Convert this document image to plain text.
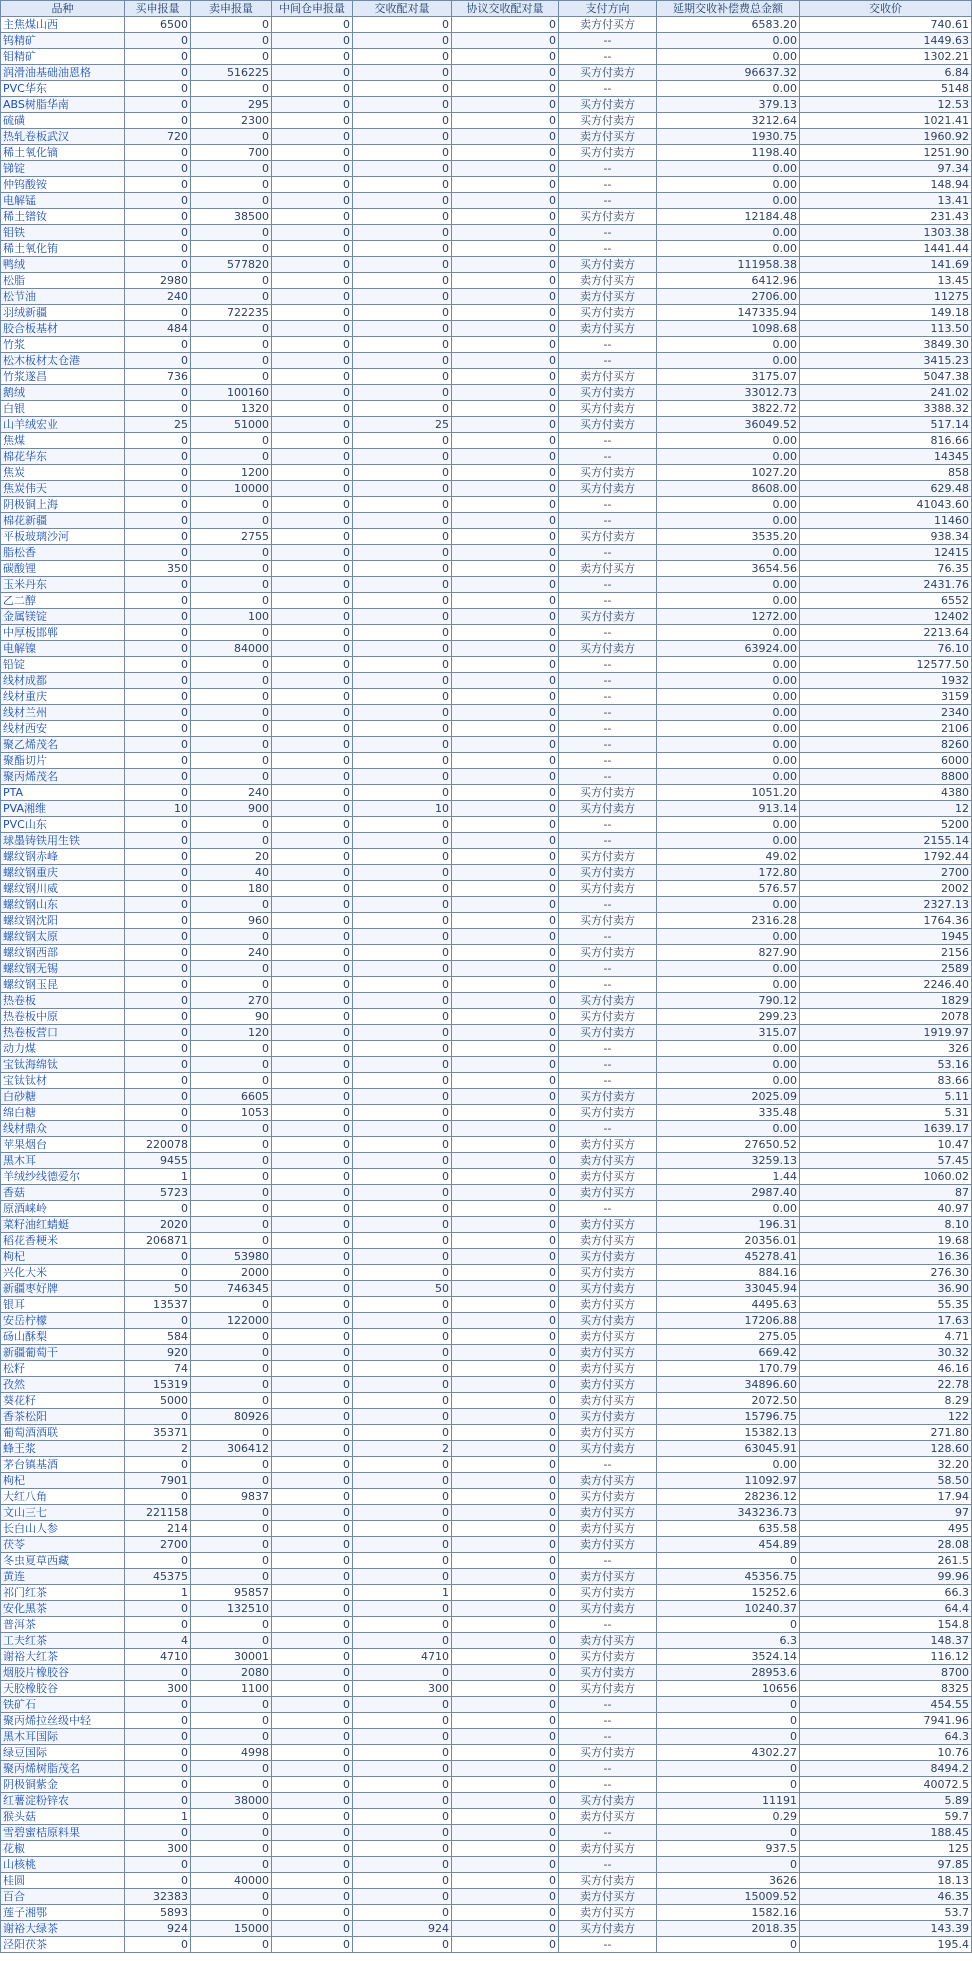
品种	买申报量	卖申报量	中间仓申报量	交收配对量	协议交收配对量	支付方向	延期交收补偿费总金额	交收价
主焦煤山西	6500	0	0	0	0	卖方付买方	6583.20	740.61
钨精矿	0	0	0	0	0	--	0.00	1449.63
钼精矿	0	0	0	0	0	--	0.00	1302.21
润滑油基础油恩格	0	516225	0	0	0	买方付卖方	96637.32	6.84
PVC华东	0	0	0	0	0	--	0.00	5148
ABS树脂华南	0	295	0	0	0	买方付卖方	379.13	12.53
硫磺	0	2300	0	0	0	买方付卖方	3212.64	1021.41
热轧卷板武汉	720	0	0	0	0	卖方付买方	1930.75	1960.92
稀土氧化镝	0	700	0	0	0	买方付卖方	1198.40	1251.90
锑锭	0	0	0	0	0	--	0.00	97.34
仲钨酸铵	0	0	0	0	0	--	0.00	148.94
电解锰	0	0	0	0	0	--	0.00	13.41
稀土镨钕	0	38500	0	0	0	买方付卖方	12184.48	231.43
钼铁	0	0	0	0	0	--	0.00	1303.38
稀土氧化铕	0	0	0	0	0	--	0.00	1441.44
鸭绒	0	577820	0	0	0	买方付卖方	111958.38	141.69
松脂	2980	0	0	0	0	卖方付买方	6412.96	13.45
松节油	240	0	0	0	0	卖方付买方	2706.00	11275
羽绒新疆	0	722235	0	0	0	买方付卖方	147335.94	149.18
胶合板基材	484	0	0	0	0	卖方付买方	1098.68	113.50
竹浆	0	0	0	0	0	--	0.00	3849.30
松木板材太仓港	0	0	0	0	0	--	0.00	3415.23
竹浆遂昌	736	0	0	0	0	卖方付买方	3175.07	5047.38
鹅绒	0	100160	0	0	0	买方付卖方	33012.73	241.02
白银	0	1320	0	0	0	买方付卖方	3822.72	3388.32
山羊绒宏业	25	51000	0	25	0	买方付卖方	36049.52	517.14
焦煤	0	0	0	0	0	--	0.00	816.66
棉花华东	0	0	0	0	0	--	0.00	14345
焦炭	0	1200	0	0	0	买方付卖方	1027.20	858
焦炭伟天	0	10000	0	0	0	买方付卖方	8608.00	629.48
阴极铜上海	0	0	0	0	0	--	0.00	41043.60
棉花新疆	0	0	0	0	0	--	0.00	11460
平板玻璃沙河	0	2755	0	0	0	买方付卖方	3535.20	938.34
脂松香	0	0	0	0	0	--	0.00	12415
碳酸锂	350	0	0	0	0	卖方付买方	3654.56	76.35
玉米丹东	0	0	0	0	0	--	0.00	2431.76
乙二醇	0	0	0	0	0	--	0.00	6552
金属镁锭	0	100	0	0	0	买方付卖方	1272.00	12402
中厚板邯郸	0	0	0	0	0	--	0.00	2213.64
电解镍	0	84000	0	0	0	买方付卖方	63924.00	76.10
铅锭	0	0	0	0	0	--	0.00	12577.50
线材成都	0	0	0	0	0	--	0.00	1932
线材重庆	0	0	0	0	0	--	0.00	3159
线材兰州	0	0	0	0	0	--	0.00	2340
线材西安	0	0	0	0	0	--	0.00	2106
聚乙烯茂名	0	0	0	0	0	--	0.00	8260
聚酯切片	0	0	0	0	0	--	0.00	6000
聚丙烯茂名	0	0	0	0	0	--	0.00	8800
PTA	0	240	0	0	0	买方付卖方	1051.20	4380
PVA湘维	10	900	0	10	0	买方付卖方	913.14	12
PVC山东	0	0	0	0	0	--	0.00	5200
球墨铸铁用生铁	0	0	0	0	0	--	0.00	2155.14
螺纹钢赤峰	0	20	0	0	0	买方付卖方	49.02	1792.44
螺纹钢重庆	0	40	0	0	0	买方付卖方	172.80	2700
螺纹钢川威	0	180	0	0	0	买方付卖方	576.57	2002
螺纹钢山东	0	0	0	0	0	--	0.00	2327.13
螺纹钢沈阳	0	960	0	0	0	买方付卖方	2316.28	1764.36
螺纹钢太原	0	0	0	0	0	--	0.00	1945
螺纹钢西部	0	240	0	0	0	买方付卖方	827.90	2156
螺纹钢无锡	0	0	0	0	0	--	0.00	2589
螺纹钢玉昆	0	0	0	0	0	--	0.00	2246.40
热卷板	0	270	0	0	0	买方付卖方	790.12	1829
热卷板中原	0	90	0	0	0	买方付卖方	299.23	2078
热卷板营口	0	120	0	0	0	买方付卖方	315.07	1919.97
动力煤	0	0	0	0	0	--	0.00	326
宝钛海绵钛	0	0	0	0	0	--	0.00	53.16
宝钛钛材	0	0	0	0	0	--	0.00	83.66
白砂糖	0	6605	0	0	0	买方付卖方	2025.09	5.11
绵白糖	0	1053	0	0	0	买方付卖方	335.48	5.31
线材鼎众	0	0	0	0	0	--	0.00	1639.17
苹果烟台	220078	0	0	0	0	卖方付买方	27650.52	10.47
黑木耳	9455	0	0	0	0	卖方付买方	3259.13	57.45
羊绒纱线德爱尔	1	0	0	0	0	卖方付买方	1.44	1060.02
香菇	5723	0	0	0	0	卖方付买方	2987.40	87
原酒崃岭	0	0	0	0	0	--	0.00	40.97
菜籽油红蜻蜓	2020	0	0	0	0	卖方付买方	196.31	8.10
稻花香粳米	206871	0	0	0	0	卖方付买方	20356.01	19.68
枸杞	0	53980	0	0	0	买方付卖方	45278.41	16.36
兴化大米	0	2000	0	0	0	买方付卖方	884.16	276.30
新疆枣好牌	50	746345	0	50	0	买方付卖方	33045.94	36.90
银耳	13537	0	0	0	0	卖方付买方	4495.63	55.35
安岳柠檬	0	122000	0	0	0	买方付卖方	17206.88	17.63
砀山酥梨	584	0	0	0	0	卖方付买方	275.05	4.71
新疆葡萄干	920	0	0	0	0	卖方付买方	669.42	30.32
松籽	74	0	0	0	0	卖方付买方	170.79	46.16
孜然	15319	0	0	0	0	卖方付买方	34896.60	22.78
葵花籽	5000	0	0	0	0	卖方付买方	2072.50	8.29
香茶松阳	0	80926	0	0	0	买方付卖方	15796.75	122
葡萄酒酒联	35371	0	0	0	0	卖方付买方	15382.13	271.80
蜂王浆	2	306412	0	2	0	买方付卖方	63045.91	128.60
茅台镇基酒	0	0	0	0	0	--	0.00	32.20
枸杞	7901	0	0	0	0	卖方付买方	11092.97	58.50
大红八角	0	9837	0	0	0	买方付卖方	28236.12	17.94
文山三七	221158	0	0	0	0	卖方付买方	343236.73	97
长白山人参	214	0	0	0	0	卖方付买方	635.58	495
茯苓	2700	0	0	0	0	卖方付买方	454.89	28.08
冬虫夏草西藏	0	0	0	0	0	--	0	261.5
黄连	45375	0	0	0	0	卖方付买方	45356.75	99.96
祁门红茶	1	95857	0	1	0	买方付卖方	15252.6	66.3
安化黑茶	0	132510	0	0	0	买方付卖方	10240.37	64.4
普洱茶	0	0	0	0	0	--	0	154.8
工夫红茶	4	0	0	0	0	卖方付买方	6.3	148.37
谢裕大红茶	4710	30001	0	4710	0	买方付卖方	3524.14	116.12
烟胶片橡胶谷	0	2080	0	0	0	买方付卖方	28953.6	8700
天胶橡胶谷	300	1100	0	300	0	买方付卖方	10656	8325
铁矿石	0	0	0	0	0	--	0	454.55
聚丙烯拉丝级中轻	0	0	0	0	0	--	0	7941.96
黑木耳国际	0	0	0	0	0	--	0	64.3
绿豆国际	0	4998	0	0	0	买方付卖方	4302.27	10.76
聚丙烯树脂茂名	0	0	0	0	0	--	0	8494.2
阴极铜紫金	0	0	0	0	0	--	0	40072.5
红薯淀粉锌农	0	38000	0	0	0	买方付卖方	11191	5.89
猴头菇	1	0	0	0	0	卖方付买方	0.29	59.7
雪碧蜜桔原料果	0	0	0	0	0	--	0	188.45
花椒	300	0	0	0	0	卖方付买方	937.5	125
山核桃	0	0	0	0	0	--	0	97.85
桂圆	0	40000	0	0	0	买方付卖方	3626	18.13
百合	32383	0	0	0	0	卖方付买方	15009.52	46.35
莲子湘鄂	5893	0	0	0	0	卖方付买方	1582.16	53.7
谢裕大绿茶	924	15000	0	924	0	买方付卖方	2018.35	143.39
泾阳茯茶	0	0	0	0	0	--	0	195.4
